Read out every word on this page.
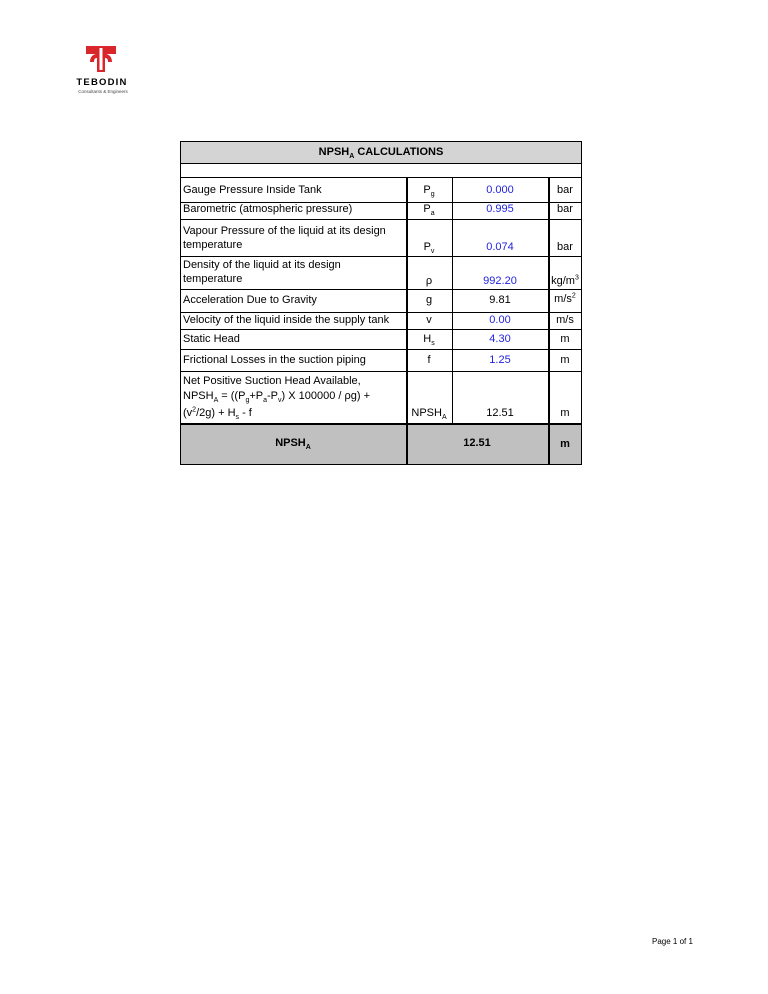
TEBODIN
Consultants & Engineers
$NPSH_A$ CALCULATIONS
Gauge Pressure Inside Tank	$P_g$	0.000	bar
Barometric (atmospheric pressure)	$P_a$	0.995	bar
Vapour Pressure of the liquid at its design
temperature	$P_v$	0.074	bar
Density of the liquid at its design
temperature	ρ	992.20	$kg/m^3$
Acceleration Due to Gravity	g	9.81	$m/s^2$
Velocity of the liquid inside the supply tank	v	0.00	m/s
Static Head	$H_s$	4.30	m
Frictional Losses in the suction piping	f	1.25	m
Net Positive Suction Head Available,
$NPSH_A = ((P_g+P_a-P_v)$ X 100000 / ρg) +
$(v^2/2g) + H_s - f$	$NPSH_A$	12.51	m
$NPSH_A$	12.51	m
Page 1 of 1
